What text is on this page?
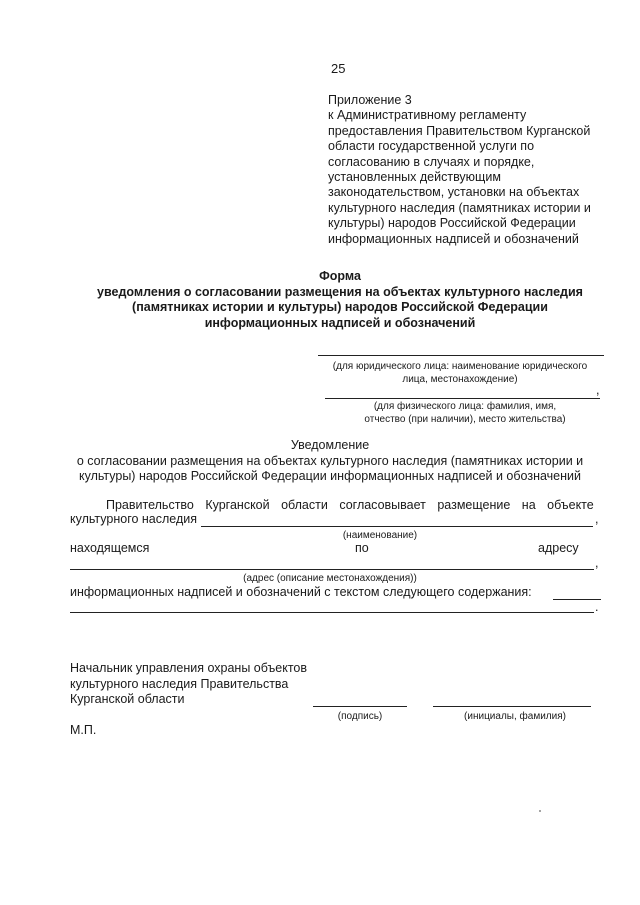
25
Приложение 3
к Административному регламенту
предоставления Правительством Курганской
области государственной услуги по
согласованию в случаях и порядке,
установленных действующим
законодательством, установки на объектах
культурного наследия (памятниках истории и
культуры) народов Российской Федерации
информационных надписей и обозначений
Форма
уведомления о согласовании размещения на объектах культурного наследия
(памятниках истории и культуры) народов Российской Федерации
информационных надписей и обозначений
(для юридического лица: наименование юридического
лица, местонахождение)
,
(для физического лица: фамилия, имя,
отчество (при наличии), место жительства)
Уведомление
о согласовании размещения на объектах культурного наследия (памятниках истории и
культуры) народов Российской Федерации информационных надписей и обозначений
Правительство Курганской области согласовывает размещение на объекте
культурного наследия	,
(наименование)
находящемся	по	адресу
,
(адрес (описание местонахождения))
информационных надписей и обозначений с текстом следующего содержания:
.
Начальник управления охраны объектов
культурного наследия Правительства
Курганской области
(подпись)	(инициалы, фамилия)
М.П.
